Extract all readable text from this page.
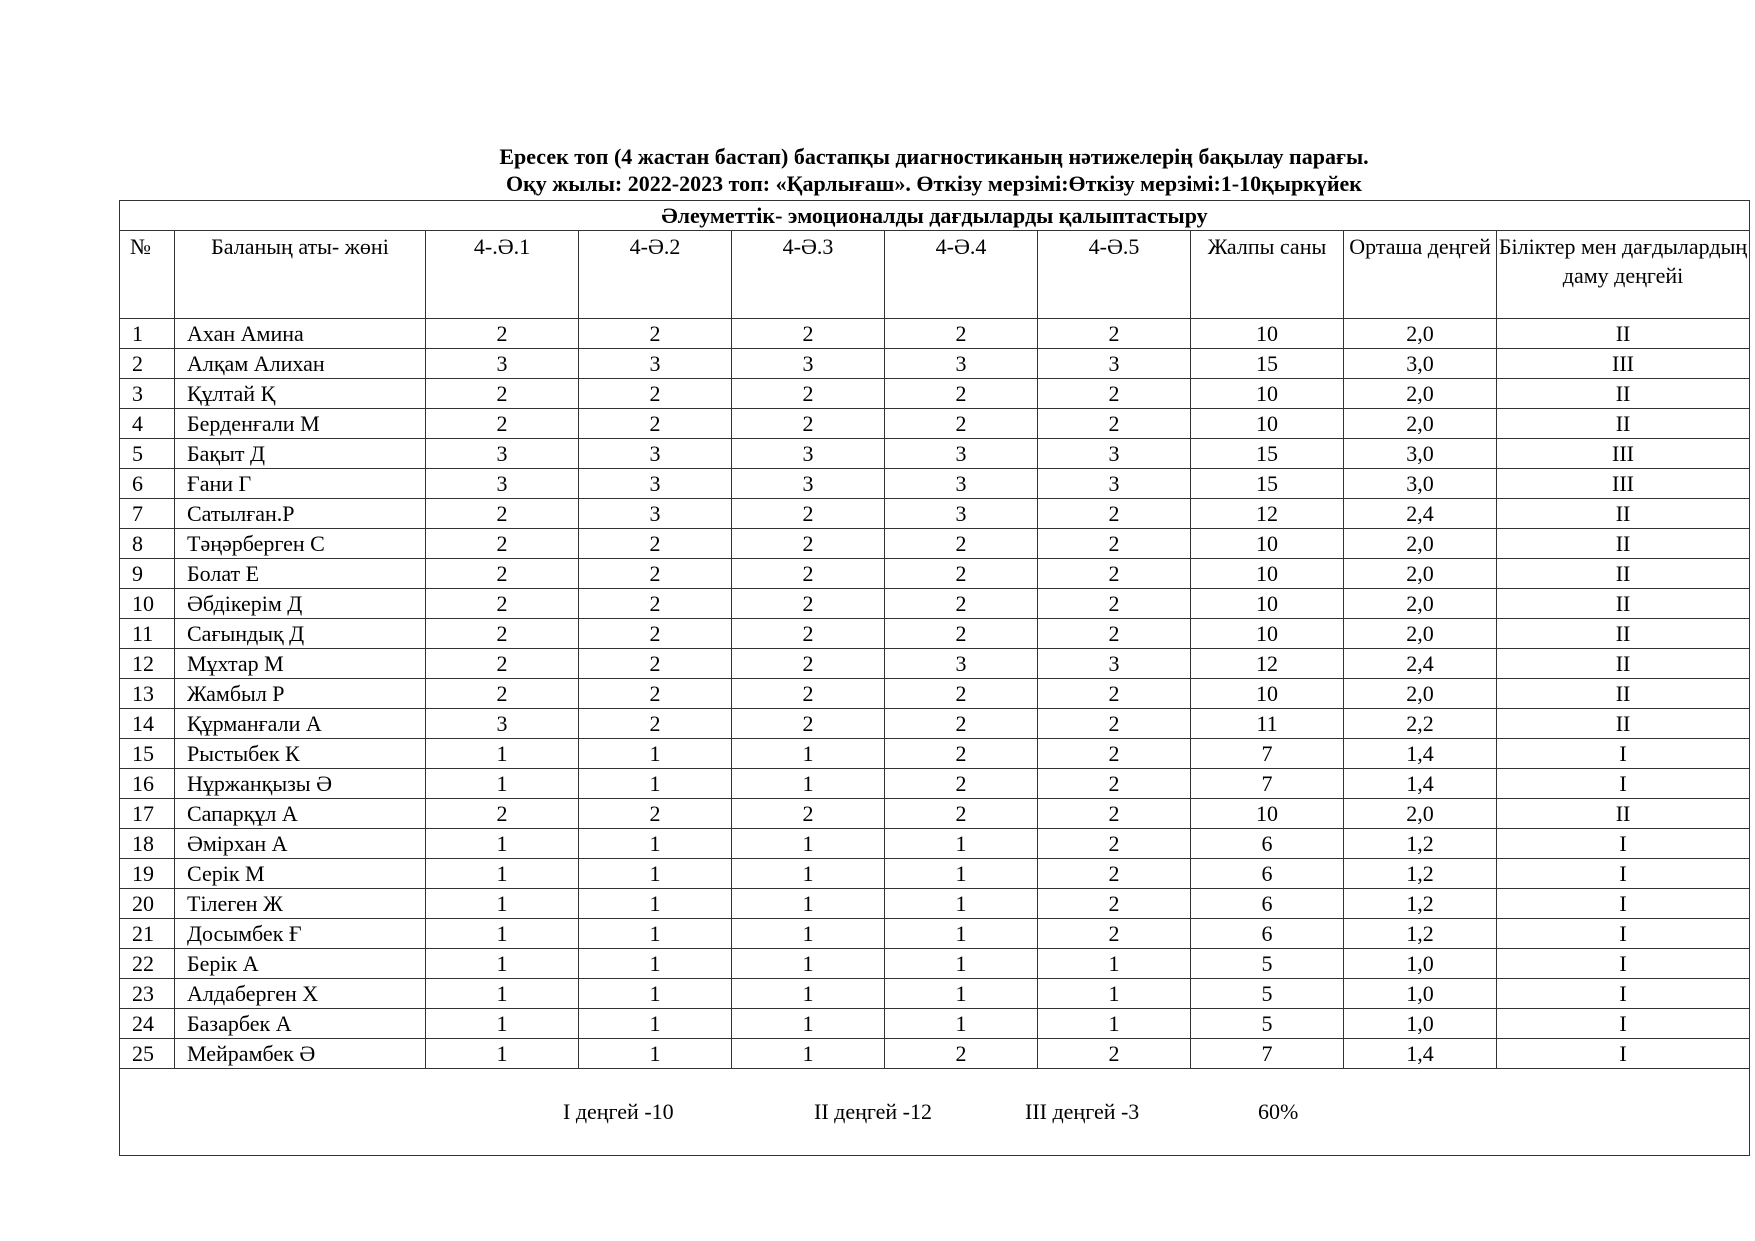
Ересек топ (4 жастан бастап) бастапқы диагностиканың нәтижелерің бақылау парағы.
Оқу жылы: 2022-2023 топ: «Қарлығаш». Өткізу мерзімі:Өткізу мерзімі:1-10қыркүйек
Әлеуметтік- эмоционалды дағдыларды қалыптастыру									
№	Баланың аты- жөні	4-.Ә.1	4-Ә.2	4-Ә.3	4-Ә.4	4-Ә.5	Жалпы саны	Орташа деңгей	Біліктер мен дағдылардың даму деңгейі
1	Ахан Амина	2	2	2	2	2	10	2,0	II
2	Алқам Алихан	3	3	3	3	3	15	3,0	III
3	Құлтай Қ	2	2	2	2	2	10	2,0	II
4	Берденғали М	2	2	2	2	2	10	2,0	II
5	Бақыт Д	3	3	3	3	3	15	3,0	III
6	Ғани Г	3	3	3	3	3	15	3,0	III
7	Сатылған.Р	2	3	2	3	2	12	2,4	II
8	Тәңәрберген С	2	2	2	2	2	10	2,0	II
9	Болат Е	2	2	2	2	2	10	2,0	II
10	Әбдікерім Д	2	2	2	2	2	10	2,0	II
11	Сағындық Д	2	2	2	2	2	10	2,0	II
12	Мұхтар М	2	2	2	3	3	12	2,4	II
13	Жамбыл Р	2	2	2	2	2	10	2,0	II
14	Құрманғали А	3	2	2	2	2	11	2,2	II
15	Рыстыбек К	1	1	1	2	2	7	1,4	I
16	Нұржанқызы Ә	1	1	1	2	2	7	1,4	I
17	Сапарқұл А	2	2	2	2	2	10	2,0	II
18	Әмірхан А	1	1	1	1	2	6	1,2	I
19	Серік М	1	1	1	1	2	6	1,2	I
20	Тілеген Ж	1	1	1	1	2	6	1,2	I
21	Досымбек Ғ	1	1	1	1	2	6	1,2	I
22	Берік А	1	1	1	1	1	5	1,0	I
23	Алдаберген Х	1	1	1	1	1	5	1,0	I
24	Базарбек А	1	1	1	1	1	5	1,0	I
25	Мейрамбек Ә	1	1	1	2	2	7	1,4	I

I деңгей -10 II деңгей -12 III деңгей -3 60%									
